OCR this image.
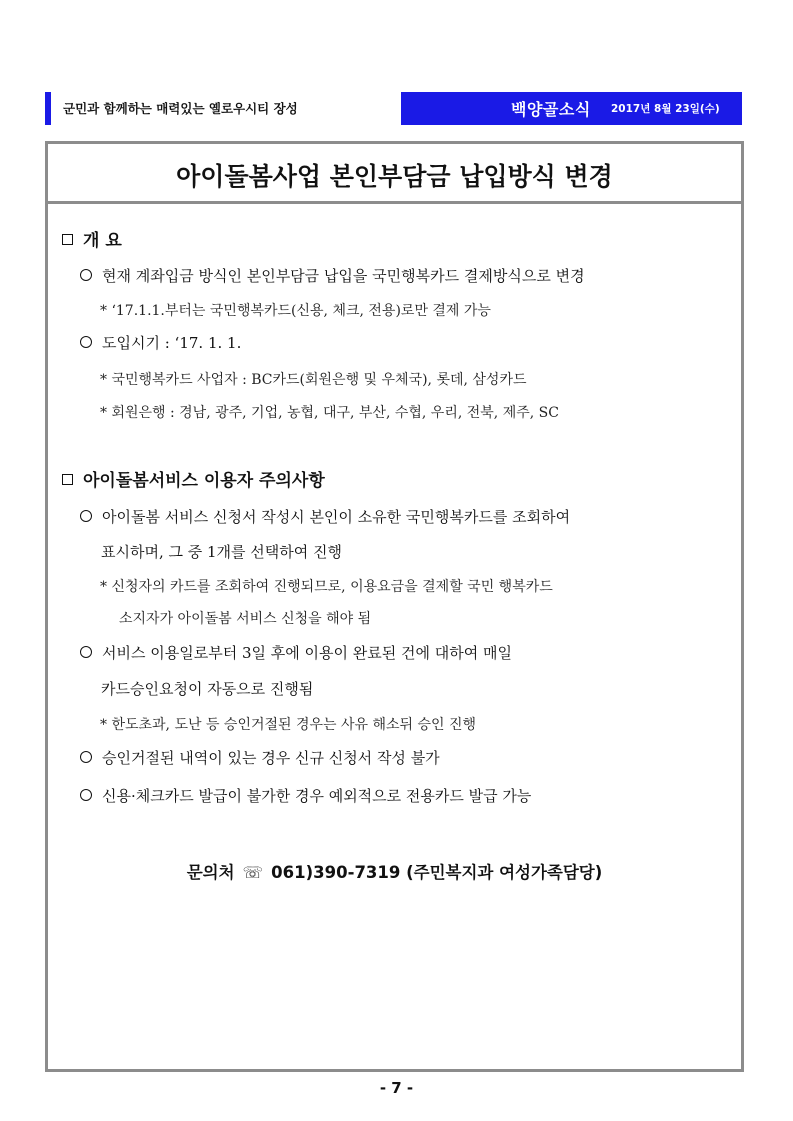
군민과 함께하는 매력있는 옐로우시티 장성	백양골소식 2017년 8월 23일(수)
아이돌봄사업 본인부담금 납입방식 변경
개 요
현재 계좌입금 방식인 본인부담금 납입을 국민행복카드 결제방식으로 변경
* ‘17.1.1.부터는 국민행복카드(신용, 체크, 전용)로만 결제 가능
도입시기 : ‘17. 1. 1.
* 국민행복카드 사업자 : BC카드(회원은행 및 우체국), 롯데, 삼성카드
* 회원은행 : 경남, 광주, 기업, 농협, 대구, 부산, 수협, 우리, 전북, 제주, SC
아이돌봄서비스 이용자 주의사항
아이돌봄 서비스 신청서 작성시 본인이 소유한 국민행복카드를 조회하여
표시하며, 그 중 1개를 선택하여 진행
* 신청자의 카드를 조회하여 진행되므로, 이용요금을 결제할 국민 행복카드
소지자가 아이돌봄 서비스 신청을 해야 됨
서비스 이용일로부터 3일 후에 이용이 완료된 건에 대하여 매일
카드승인요청이 자동으로 진행됨
* 한도초과, 도난 등 승인거절된 경우는 사유 해소뒤 승인 진행
승인거절된 내역이 있는 경우 신규 신청서 작성 불가
신용·체크카드 발급이 불가한 경우 예외적으로 전용카드 발급 가능
문의처 ☏ 061)390-7319 (주민복지과 여성가족담당)
- 7 -
